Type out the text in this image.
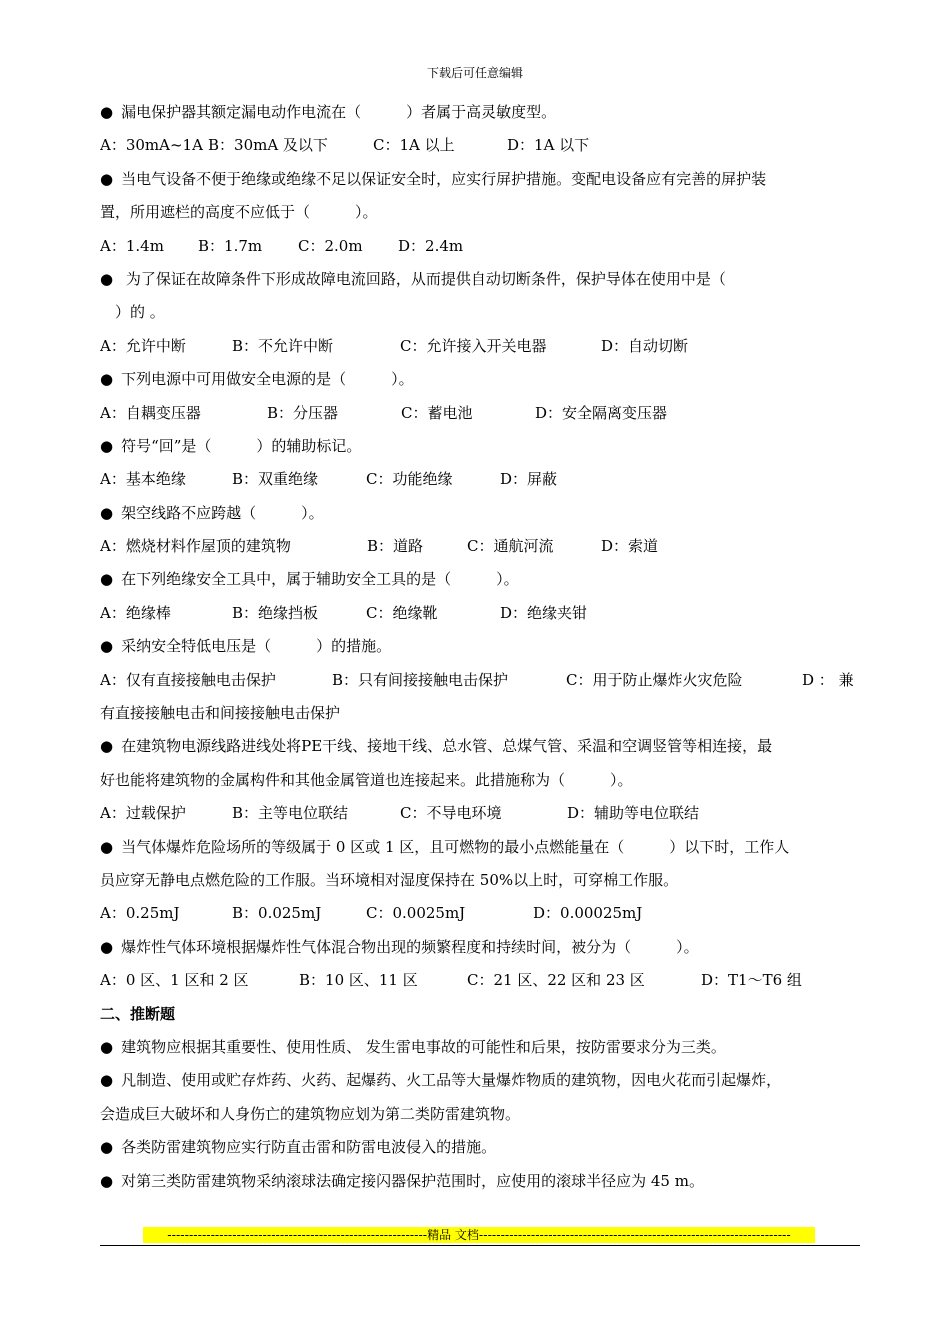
下载后可任意编辑
● 漏电保护器其额定漏电动作电流在（　　　）者属于高灵敏度型。
A：30mA~1A B：30mA 及以下	C：1A 以上	D：1A 以下
● 当电气设备不便于绝缘或绝缘不足以保证安全时，应实行屏护措施。变配电设备应有完善的屏护装
置，所用遮栏的高度不应低于（　　　）。
A：1.4m	B：1.7m	C：2.0m	D：2.4m
● 为了保证在故障条件下形成故障电流回路，从而提供自动切断条件，保护导体在使用中是（
　）的 。
A：允许中断	B：不允许中断	C：允许接入开关电器	D：自动切断
● 下列电源中可用做安全电源的是（　　　）。
A：自耦变压器	B：分压器	C：蓄电池	D：安全隔离变压器
● 符号“回”是（　　　）的辅助标记。
A：基本绝缘	B：双重绝缘	C：功能绝缘	D：屏蔽
● 架空线路不应跨越（　　　）。
A：燃烧材料作屋顶的建筑物	B：道路	C：通航河流	D：索道
● 在下列绝缘安全工具中，属于辅助安全工具的是（　　　）。
A：绝缘棒	B：绝缘挡板	C：绝缘靴	D：绝缘夹钳
● 采纳安全特低电压是（　　　）的措施。
A：仅有直接接触电击保护	B：只有间接接触电击保护	C：用于防止爆炸火灾危险	D ： 兼
有直接接触电击和间接接触电击保护
● 在建筑物电源线路进线处将PE干线、接地干线、总水管、总煤气管、采温和空调竖管等相连接，最
好也能将建筑物的金属构件和其他金属管道也连接起来。此措施称为（　　　）。
A：过载保护	B：主等电位联结	C：不导电环境	D：辅助等电位联结
● 当气体爆炸危险场所的等级属于 0 区或 1 区，且可燃物的最小点燃能量在（　　　）以下时，工作人
员应穿无静电点燃危险的工作服。当环境相对湿度保持在 50%以上时，可穿棉工作服。
A：0.25mJ	B：0.025mJ	C：0.0025mJ	D：0.00025mJ
● 爆炸性气体环境根据爆炸性气体混合物出现的频繁程度和持续时间，被分为（　　　）。
A：0 区、1 区和 2 区	B：10 区、11 区	C：21 区、22 区和 23 区	D：T1～T6 组
二、推断题
● 建筑物应根据其重要性、使用性质、 发生雷电事故的可能性和后果，按防雷要求分为三类。
● 凡制造、使用或贮存炸药、火药、起爆药、火工品等大量爆炸物质的建筑物，因电火花而引起爆炸，
会造成巨大破坏和人身伤亡的建筑物应划为第二类防雷建筑物。
● 各类防雷建筑物应实行防直击雷和防雷电波侵入的措施。
● 对第三类防雷建筑物采纳滚球法确定接闪器保护范围时，应使用的滚球半径应为 45 m。
------------------------------------------------------------精品 文档------------------------------------------------------------------------
